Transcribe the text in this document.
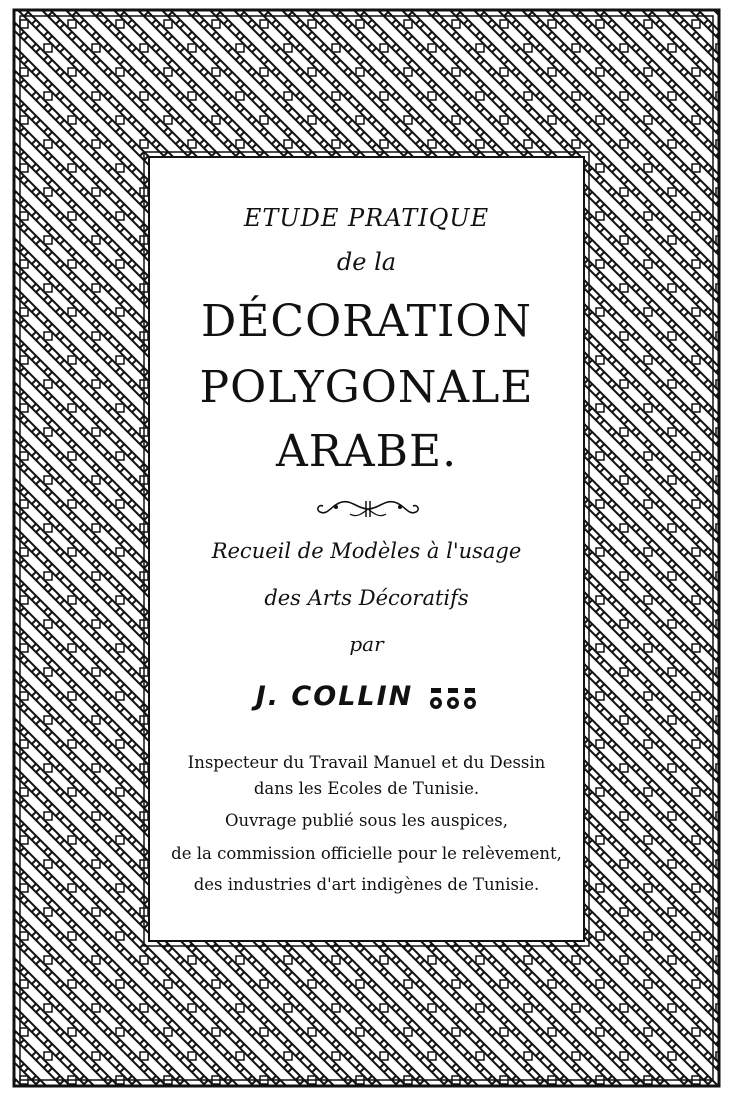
ETUDE PRATIQUE
de la
DÉCORATION
POLYGONALE
ARABE.
Recueil de Modèles à l'usage
des Arts Décoratifs
par
J. COLLIN
Inspecteur du Travail Manuel et du Dessin
dans les Ecoles de Tunisie.
Ouvrage publié sous les auspices,
de la commission officielle pour le relèvement,
des industries d'art indigènes de Tunisie.
